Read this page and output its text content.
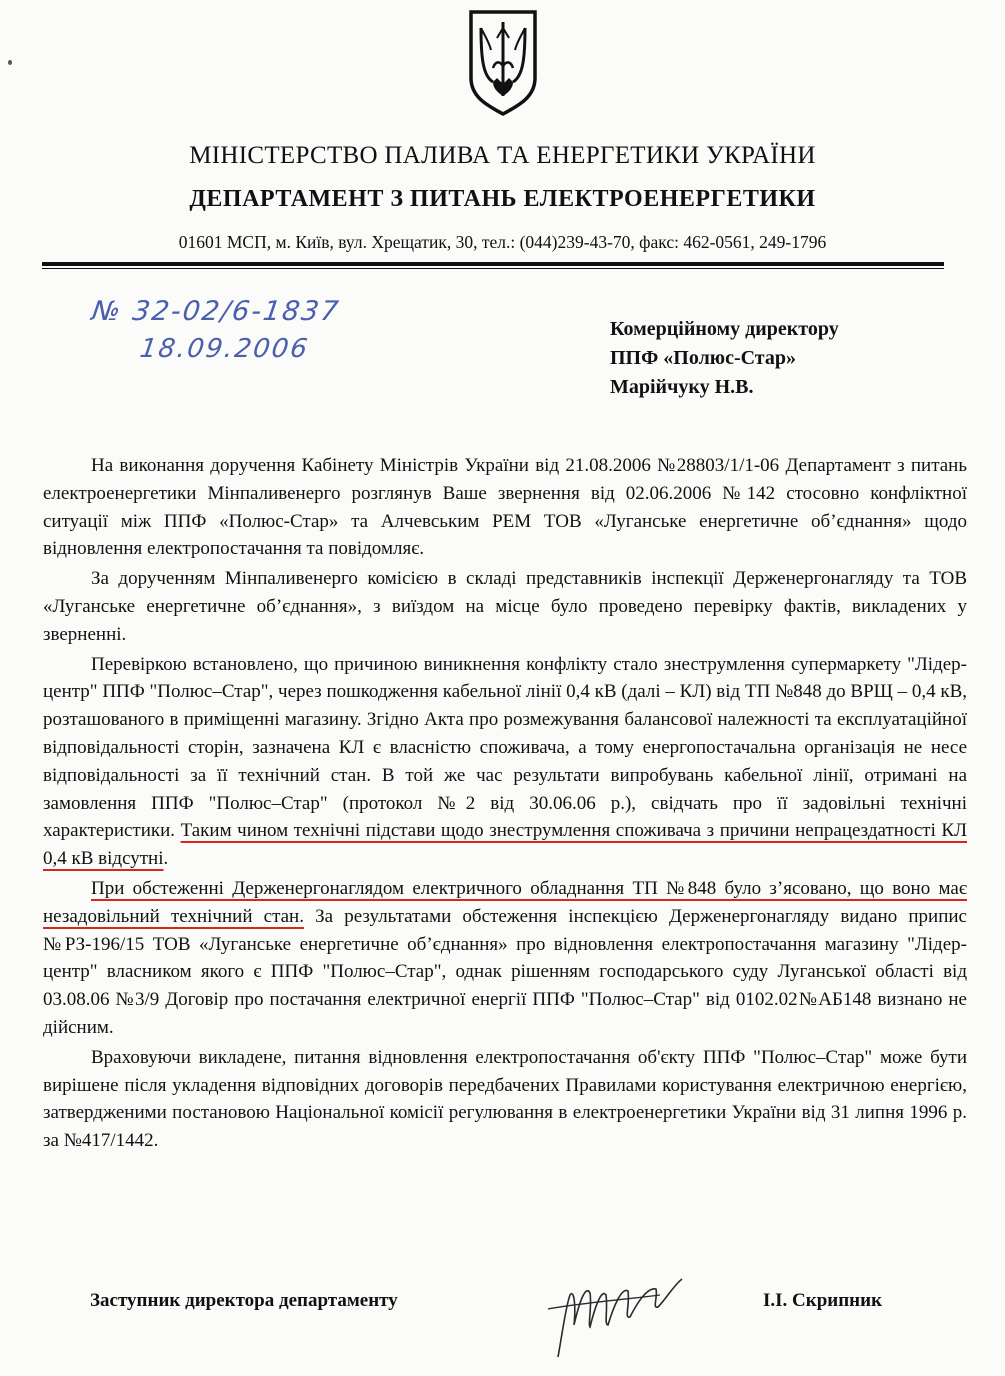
МІНІСТЕРСТВО ПАЛИВА ТА ЕНЕРГЕТИКИ УКРАЇНИ
ДЕПАРТАМЕНТ З ПИТАНЬ ЕЛЕКТРОЕНЕРГЕТИКИ
01601 МСП, м. Київ, вул. Хрещатик, 30, тел.: (044)239-43-70, факс: 462-0561, 249-1796
№ 32-02/6-1837
18.09.2006
Комерційному директору
ППФ «Полюс-Стар»
Марійчуку Н.В.

На виконання доручення Кабінету Міністрів України від 21.08.2006 №28803/1/1-06 Департамент з питань електроенергетики Мінпаливенерго розглянув Ваше звернення від 02.06.2006 №142 стосовно конфліктної ситуації між ППФ «Полюс-Стар» та Алчевським РЕМ ТОВ «Луганське енергетичне об’єднання» щодо відновлення електропостачання та повідомляє.

За дорученням Мінпаливенерго комісією в складі представників інспекції Держенергонагляду та ТОВ «Луганське енергетичне об’єднання», з виїздом на місце було проведено перевірку фактів, викладених у зверненні.

Перевіркою встановлено, що причиною виникнення конфлікту стало знеструмлення супермаркету "Лідер-центр" ППФ "Полюс–Стар", через пошкодження кабельної лінії 0,4 кВ (далі – КЛ) від ТП №848 до ВРЩ – 0,4 кВ, розташованого в приміщенні магазину. Згідно Акта про розмежування балансової належності та експлуатаційної відповідальності сторін, зазначена КЛ є власністю споживача, а тому енергопостачальна організація не несе відповідальності за її технічний стан. В той же час результати випробувань кабельної лінії, отримані на замовлення ППФ "Полюс–Стар" (протокол №2 від 30.06.06 р.), свідчать про її задовільні технічні характеристики. Таким чином технічні підстави щодо знеструмлення споживача з причини непрацездатності КЛ 0,4 кВ відсутні.

При обстеженні Держенергонаглядом електричного обладнання ТП №848 було з’ясовано, що воно має незадовільний технічний стан. За результатами обстеження інспекцією Держенергонагляду видано припис №РЗ-196/15 ТОВ «Луганське енергетичне об’єднання» про відновлення електропостачання магазину "Лідер-центр" власником якого є ППФ "Полюс–Стар", однак рішенням господарського суду Луганської області від 03.08.06 №3/9 Договір про постачання електричної енергії ППФ "Полюс–Стар" від 0102.02№АБ148 визнано не дійсним.

Враховуючи викладене, питання відновлення електропостачання об'єкту ППФ "Полюс–Стар" може бути вирішене після укладення відповідних договорів передбачених Правилами користування електричною енергією, затвердженими постановою Національної комісії регулювання в електроенергетики України від 31 липня 1996 р. за №417/1442.

Заступник директора департаменту	І.І. Скрипник
